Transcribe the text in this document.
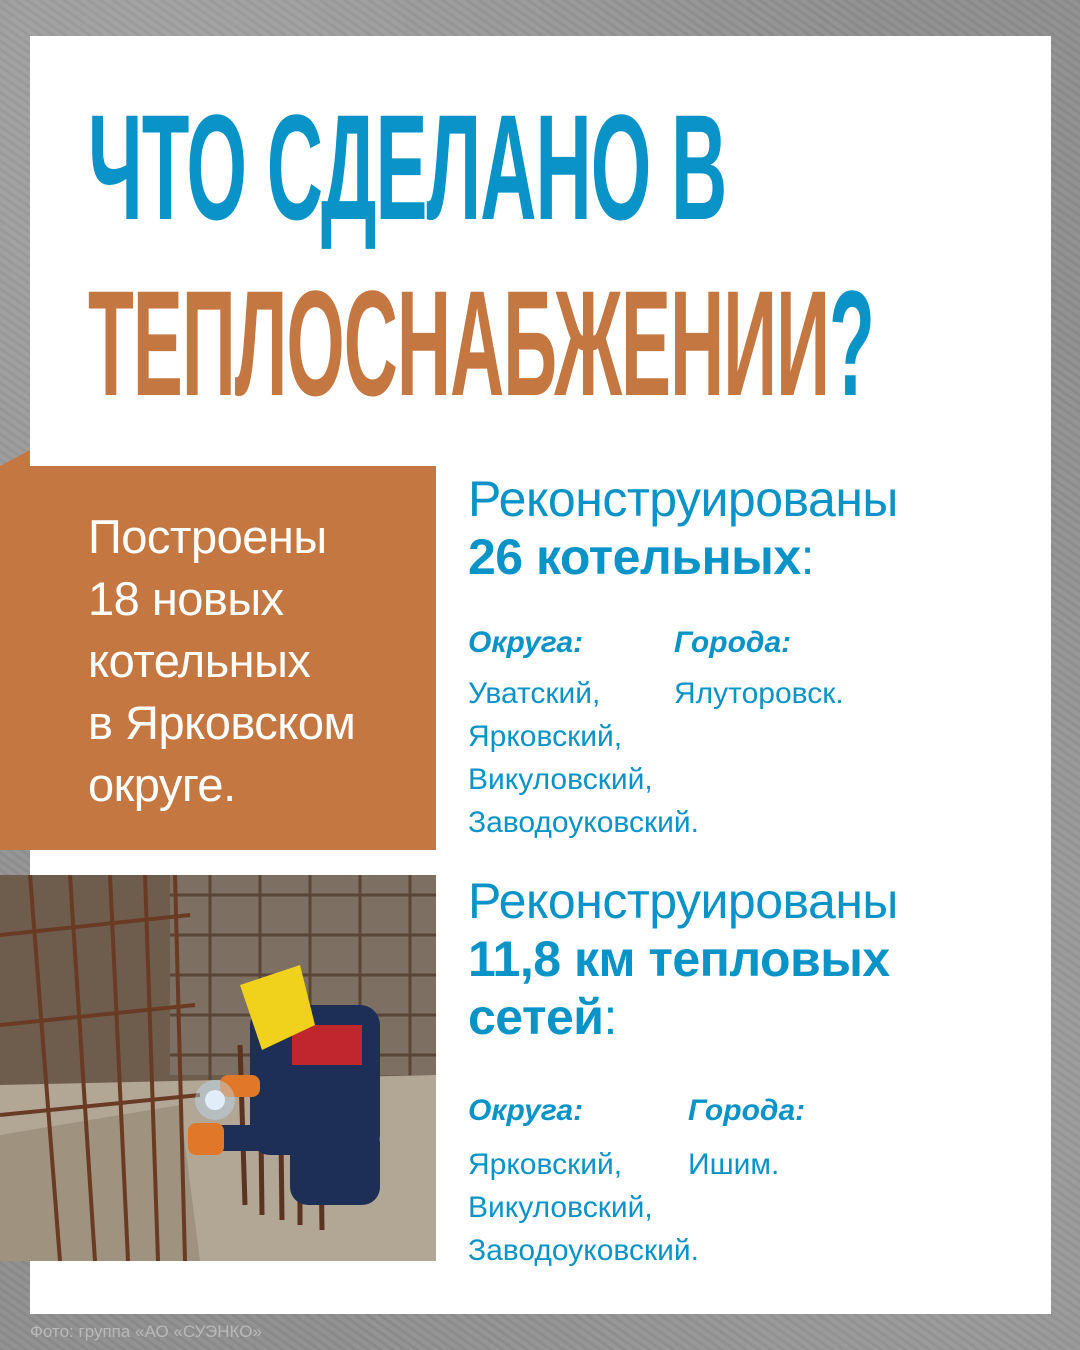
ЧТО СДЕЛАНО В
ТЕПЛОСНАБЖЕНИИ?
Построены
18 новых
котельных
в Ярковском
округе.
Реконструированы
26 котельных:
Округа:	Города:
Уватский,
Ярковский,
Викуловский,
Заводоуковский.
Ялуторовск.
Реконструированы
11,8 км тепловых
сетей:
Округа:	Города:
Ярковский,
Викуловский,
Заводоуковский.
Ишим.
Фото: группа «АО «СУЭНКО»
